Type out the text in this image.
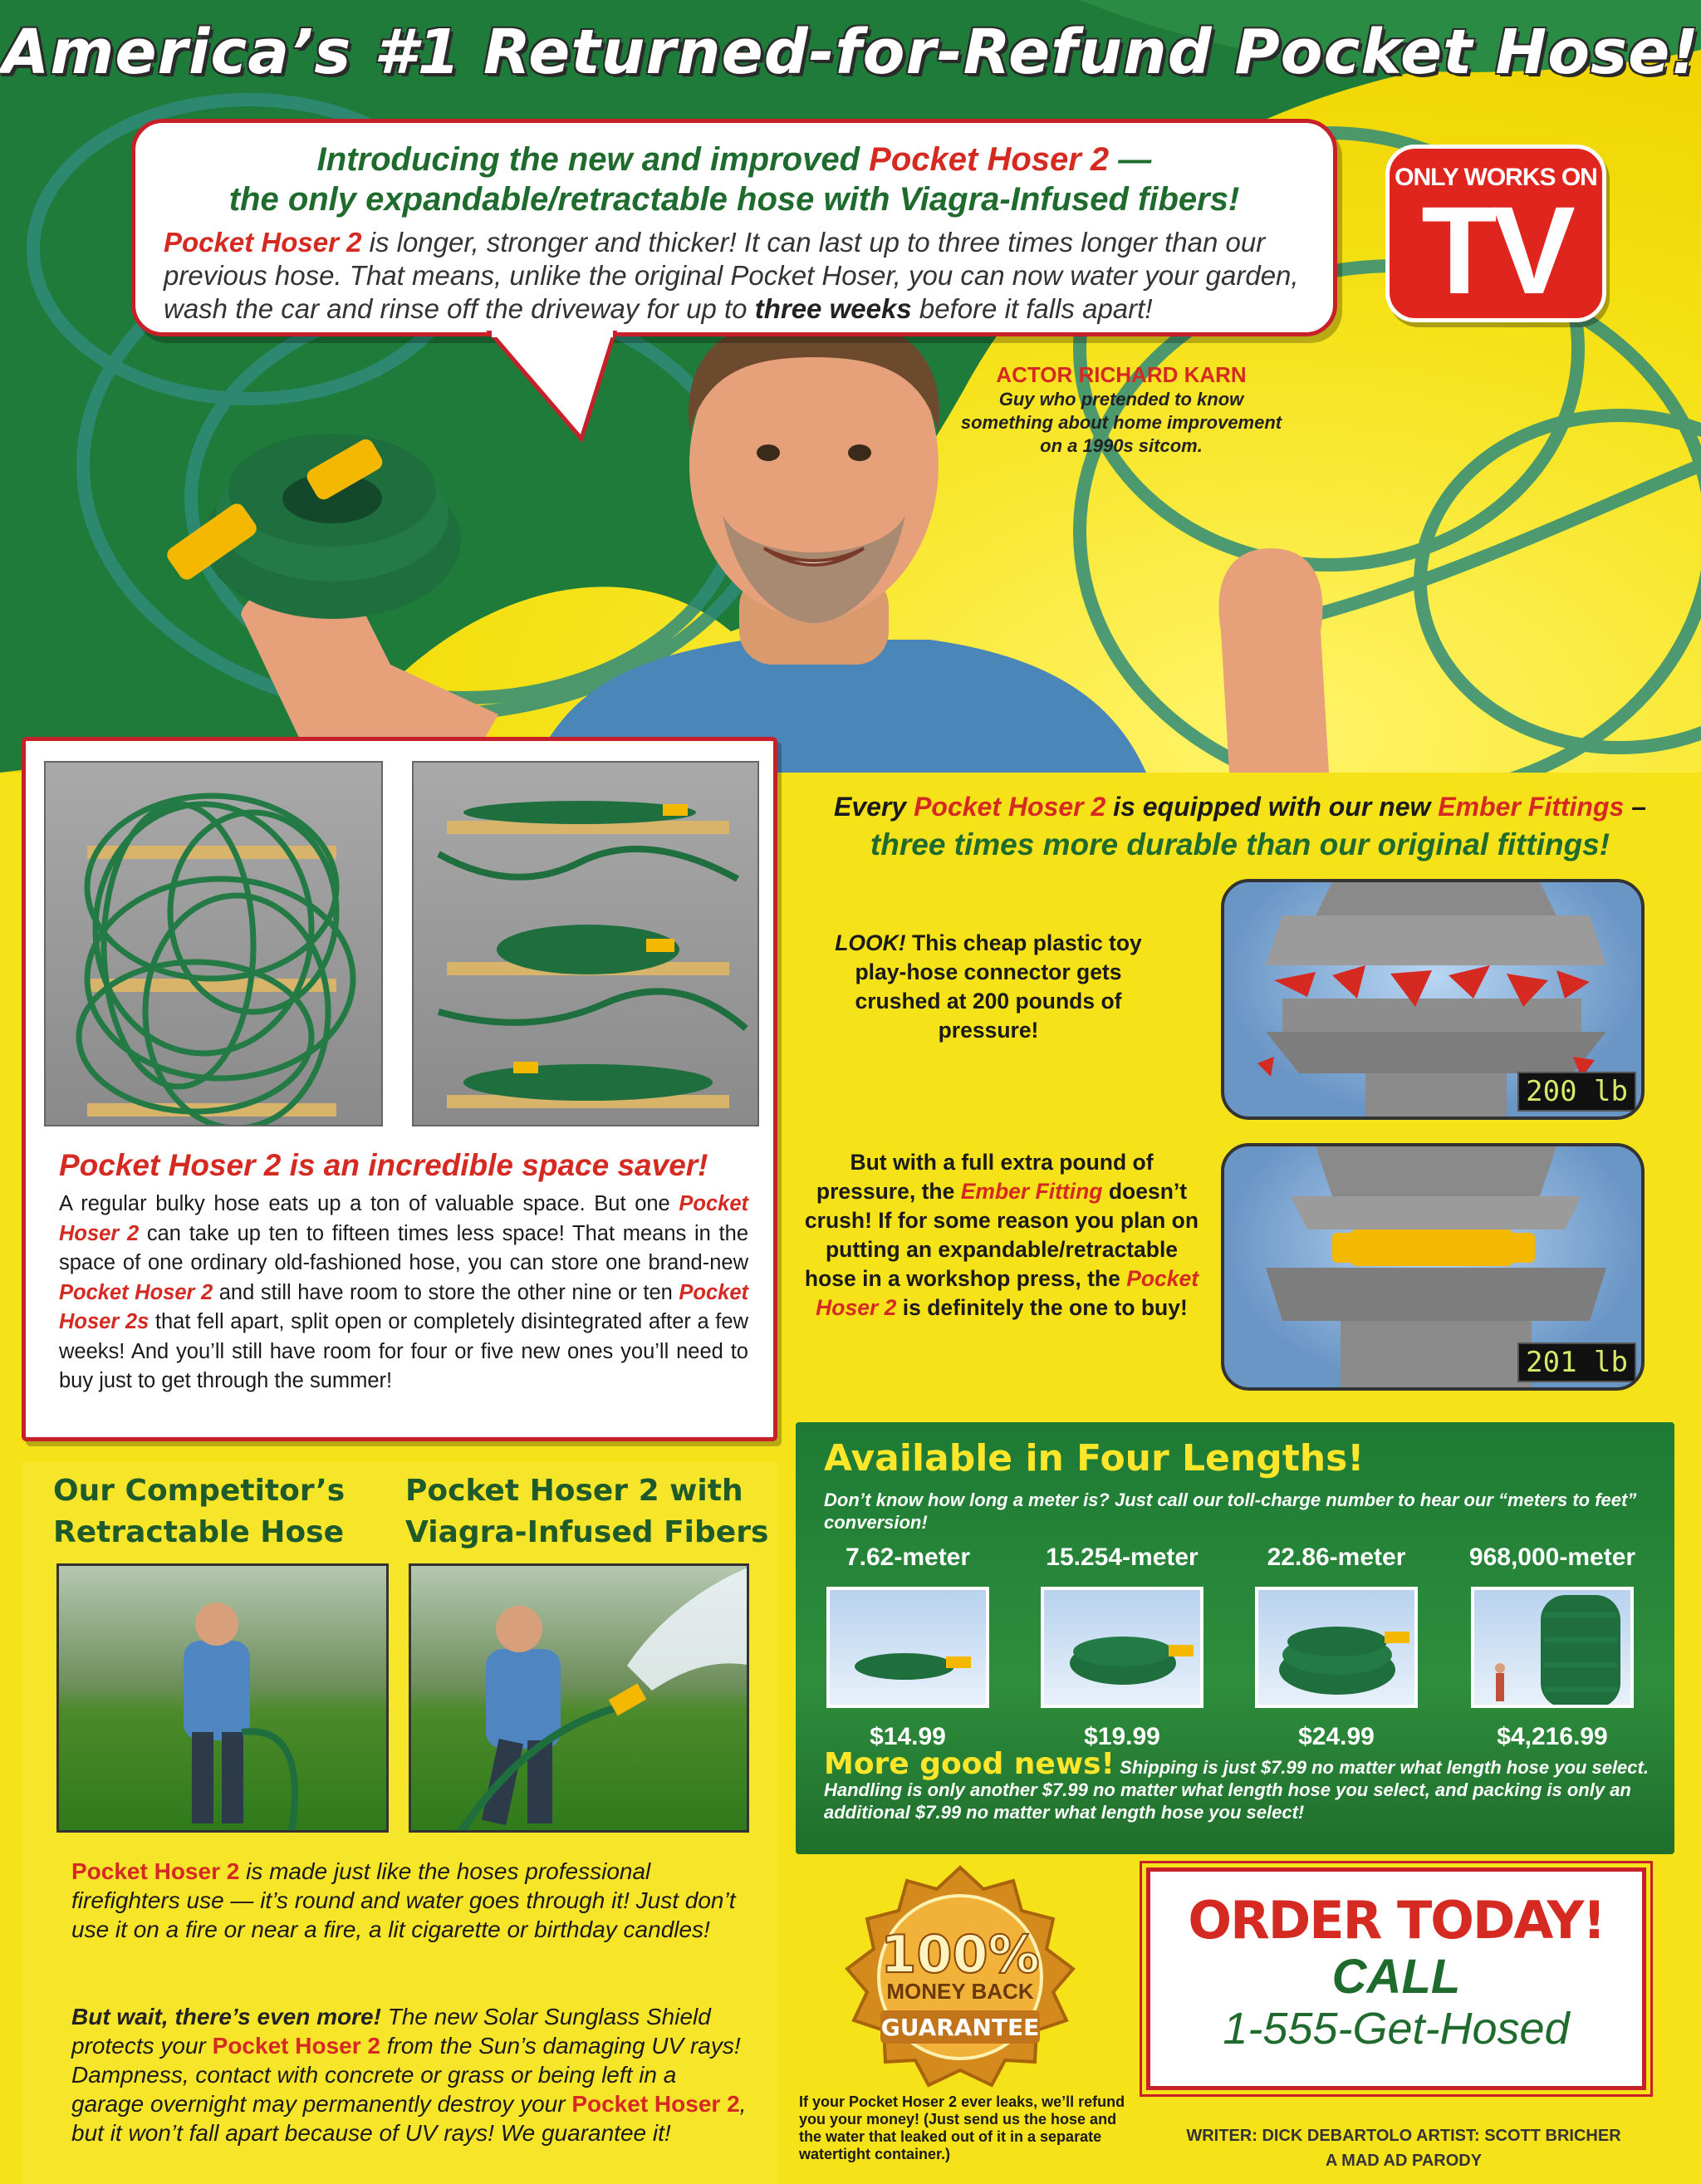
America’s #1 Returned-for-Refund Pocket Hose!
Introducing the new and improved Pocket Hoser 2 —
the only expandable/retractable hose with Viagra-Infused fibers!
Pocket Hoser 2 is longer, stronger and thicker! It can last up to three times longer than our previous hose. That means, unlike the original Pocket Hoser, you can now water your garden, wash the car and rinse off the driveway for up to three weeks before it falls apart!
ONLY WORKS ON
TV
ACTOR RICHARD KARN
Guy who pretended to know something about home improvement on a 1990s sitcom.
Pocket Hoser 2 is an incredible space saver!
A regular bulky hose eats up a ton of valuable space. But one Pocket Hoser 2 can take up ten to fifteen times less space! That means in the space of one ordinary old-fashioned hose, you can store one brand-new Pocket Hoser 2 and still have room to store the other nine or ten Pocket Hoser 2s that fell apart, split open or completely disintegrated after a few weeks! And you’ll still have room for four or five new ones you’ll need to buy just to get through the summer!
Every Pocket Hoser 2 is equipped with our new Ember Fittings –
three times more durable than our original fittings!
LOOK! This cheap plastic toy play-hose connector gets crushed at 200 pounds of pressure!
200 lb
But with a full extra pound of pressure, the Ember Fitting doesn’t crush! If for some reason you plan on putting an expandable/retractable hose in a workshop press, the Pocket Hoser 2 is definitely the one to buy!
201 lb
Our Competitor’s
Retractable Hose
Pocket Hoser 2 with
Viagra-Infused Fibers
Pocket Hoser 2 is made just like the hoses professional firefighters use — it’s round and water goes through it! Just don’t use it on a fire or near a fire, a lit cigarette or birthday candles!
But wait, there’s even more! The new Solar Sunglass Shield protects your Pocket Hoser 2 from the Sun’s damaging UV rays! Dampness, contact with concrete or grass or being left in a garage overnight may permanently destroy your Pocket Hoser 2, but it won’t fall apart because of UV rays! We guarantee it!
Available in Four Lengths!
Don’t know how long a meter is? Just call our toll-charge number to hear our “meters to feet” conversion!
7.62-meter
$14.99
15.254-meter
$19.99
22.86-meter
$24.99
968,000-meter
$4,216.99
More good news! Shipping is just $7.99 no matter what length hose you select. Handling is only another $7.99 no matter what length hose you select, and packing is only an additional $7.99 no matter what length hose you select!
100%
MONEY BACK
GUARANTEE
If your Pocket Hoser 2 ever leaks, we’ll refund you your money! (Just send us the hose and the water that leaked out of it in a separate watertight container.)
ORDER TODAY!
CALL
1-555-Get-Hosed
WRITER: DICK DEBARTOLO ARTIST: SCOTT BRICHER
A MAD AD PARODY
